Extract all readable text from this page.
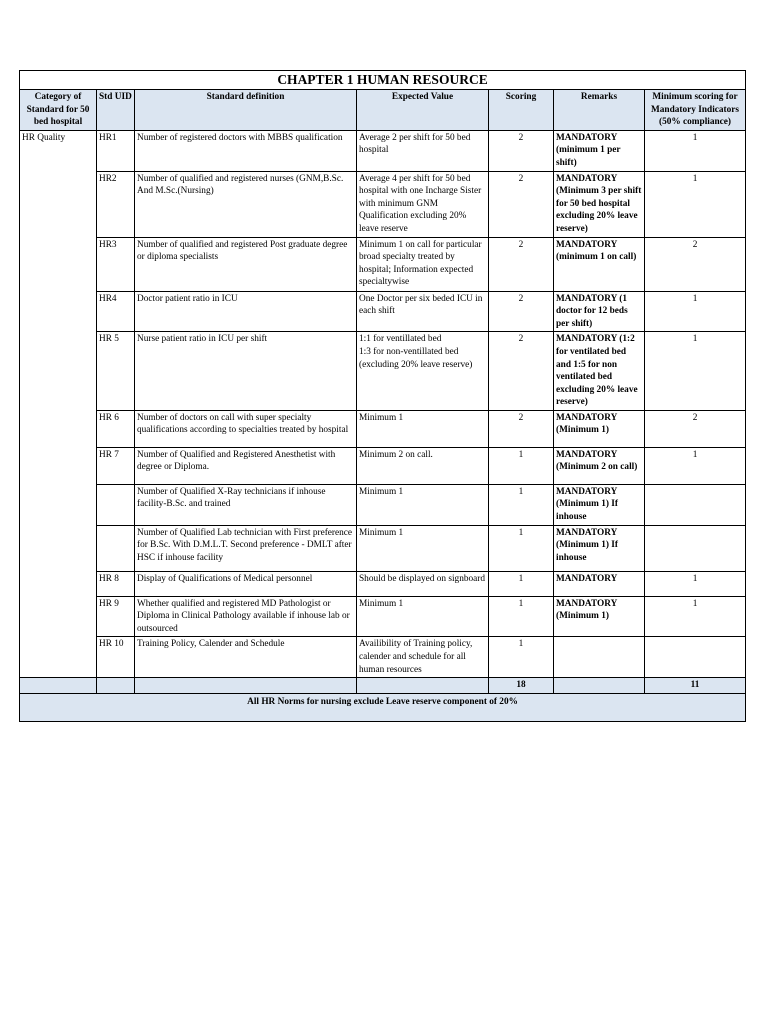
CHAPTER 1 HUMAN RESOURCE						
Category of Standard for 50 bed hospital	Std UID	Standard definition	Expected Value	Scoring	Remarks	Minimum scoring for Mandatory Indicators (50% compliance)
HR Quality	HR1	Number of registered doctors with MBBS qualification	Average 2 per shift for 50 bed hospital	2	MANDATORY (minimum 1 per shift)	1
	HR2	Number of qualified and registered nurses (GNM,B.Sc. And M.Sc.(Nursing)	Average 4 per shift for 50 bed hospital with one Incharge Sister with minimum GNM Qualification excluding 20% leave reserve	2	MANDATORY (Minimum 3 per shift for 50 bed hospital excluding 20% leave reserve)	1
	HR3	Number of qualified and registered Post graduate degree or diploma specialists	Minimum 1 on call for particular broad specialty treated by hospital; Information expected specialtywise	2	MANDATORY (minimum 1 on call)	2
	HR4	Doctor patient ratio in ICU	One Doctor per six beded ICU in each shift	2	MANDATORY (1 doctor for 12 beds per shift)	1
	HR 5	Nurse patient ratio in ICU per shift	1:1 for ventillated bed
1:3 for non-ventillated bed (excluding 20% leave reserve)	2	MANDATORY (1:2 for ventilated bed and 1:5 for non ventilated bed excluding 20% leave reserve)	1
	HR 6	Number of doctors on call with super specialty qualifications according to specialties treated by hospital	Minimum 1	2	MANDATORY (Minimum 1)	2
	HR 7	Number of Qualified and Registered Anesthetist with degree or Diploma.	Minimum 2 on call.	1	MANDATORY (Minimum 2 on call)	1
		Number of Qualified X-Ray technicians if inhouse facility-B.Sc. and trained	Minimum 1	1	MANDATORY (Minimum 1) If inhouse	
		Number of Qualified Lab technician with First preference for B.Sc. With D.M.L.T. Second preference - DMLT after HSC if inhouse facility	Minimum 1	1	MANDATORY (Minimum 1) If inhouse	
	HR 8	Display of Qualifications of Medical personnel	Should be displayed on signboard	1	MANDATORY	1
	HR 9	Whether qualified and registered MD Pathologist or Diploma in Clinical Pathology available if inhouse lab or outsourced	Minimum 1	1	MANDATORY (Minimum 1)	1
	HR 10	Training Policy, Calender and Schedule	Availibility of Training policy, calender and schedule for all human resources	1		
				18		11
All HR Norms for nursing exclude Leave reserve component of 20%						
